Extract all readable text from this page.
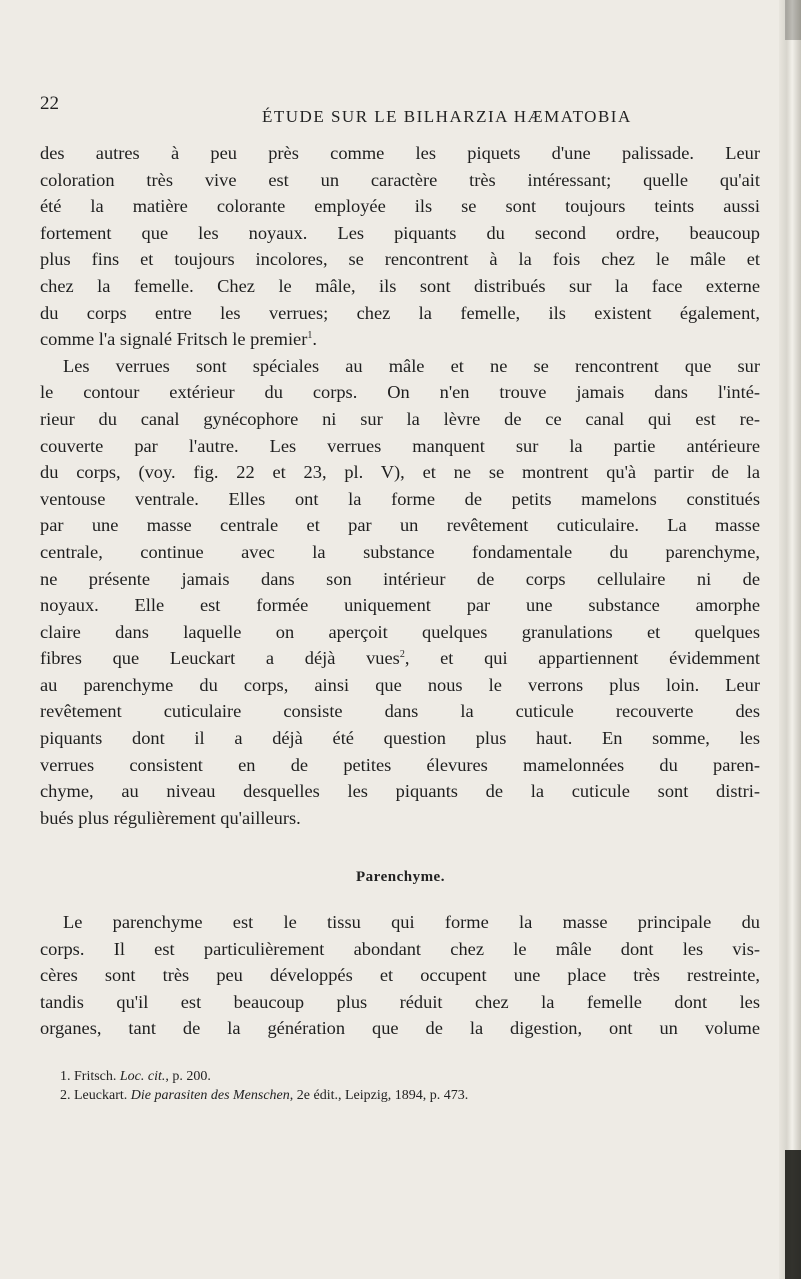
22
ÉTUDE SUR LE BILHARZIA HÆMATOBIA
des autres à peu près comme les piquets d'une palissade. Leur
coloration très vive est un caractère très intéressant; quelle qu'ait
été la matière colorante employée ils se sont toujours teints aussi
fortement que les noyaux. Les piquants du second ordre, beaucoup
plus fins et toujours incolores, se rencontrent à la fois chez le mâle et
chez la femelle. Chez le mâle, ils sont distribués sur la face externe
du corps entre les verrues; chez la femelle, ils existent également,
comme l'a signalé Fritsch le premier$^1$.
Les verrues sont spéciales au mâle et ne se rencontrent que sur
le contour extérieur du corps. On n'en trouve jamais dans l'inté-
rieur du canal gynécophore ni sur la lèvre de ce canal qui est re-
couverte par l'autre. Les verrues manquent sur la partie antérieure
du corps, (voy. fig. 22 et 23, pl. V), et ne se montrent qu'à partir de la
ventouse ventrale. Elles ont la forme de petits mamelons constitués
par une masse centrale et par un revêtement cuticulaire. La masse
centrale, continue avec la substance fondamentale du parenchyme,
ne présente jamais dans son intérieur de corps cellulaire ni de
noyaux. Elle est formée uniquement par une substance amorphe
claire dans laquelle on aperçoit quelques granulations et quelques
fibres que Leuckart a déjà vues$^2$, et qui appartiennent évidemment
au parenchyme du corps, ainsi que nous le verrons plus loin. Leur
revêtement cuticulaire consiste dans la cuticule recouverte des
piquants dont il a déjà été question plus haut. En somme, les
verrues consistent en de petites élevures mamelonnées du paren-
chyme, au niveau desquelles les piquants de la cuticule sont distri-
bués plus régulièrement qu'ailleurs.
Parenchyme.
Le parenchyme est le tissu qui forme la masse principale du
corps. Il est particulièrement abondant chez le mâle dont les vis-
cères sont très peu développés et occupent une place très restreinte,
tandis qu'il est beaucoup plus réduit chez la femelle dont les
organes, tant de la génération que de la digestion, ont un volume
1. Fritsch. Loc. cit., p. 200.
2. Leuckart. Die parasiten des Menschen, 2e édit., Leipzig, 1894, p. 473.
